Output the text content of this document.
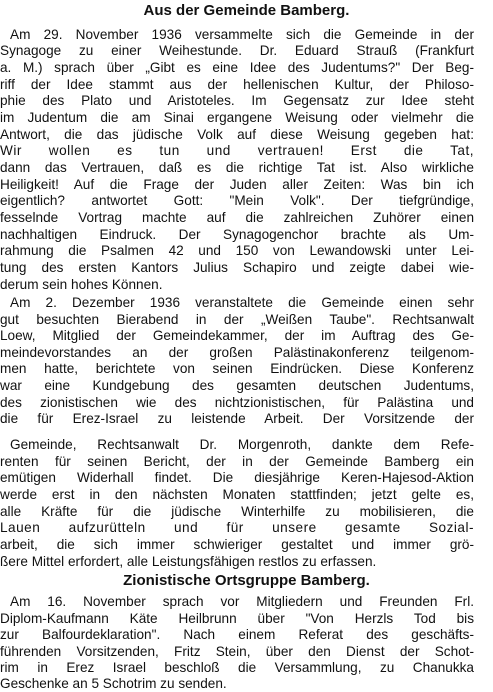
Aus der Gemeinde Bamberg.
Am 29. November 1936 versammelte sich die Gemeinde in der
Synagoge zu einer Weihestunde. Dr. Eduard Strauß (Frankfurt
a. M.) sprach über „Gibt es eine Idee des Judentums?" Der Beg-
riff der Idee stammt aus der hellenischen Kultur, der Philoso-
phie des Plato und Aristoteles. Im Gegensatz zur Idee steht
im Judentum die am Sinai ergangene Weisung oder vielmehr die
Antwort, die das jüdische Volk auf diese Weisung gegeben hat:
Wir wollen es tun und vertrauen! Erst die Tat,
dann das Vertrauen, daß es die richtige Tat ist. Also wirkliche
Heiligkeit! Auf die Frage der Juden aller Zeiten: Was bin ich
eigentlich? antwortet Gott: "Mein Volk". Der tiefgründige,
fesselnde Vortrag machte auf die zahlreichen Zuhörer einen
nachhaltigen Eindruck. Der Synagogenchor brachte als Um-
rahmung die Psalmen 42 und 150 von Lewandowski unter Lei-
tung des ersten Kantors Julius Schapiro und zeigte dabei wie-
derum sein hohes Können.
Am 2. Dezember 1936 veranstaltete die Gemeinde einen sehr
gut besuchten Bierabend in der „Weißen Taube". Rechtsanwalt
Loew, Mitglied der Gemeindekammer, der im Auftrag des Ge-
meindevorstandes an der großen Palästinakonferenz teilgenom-
men hatte, berichtete von seinen Eindrücken. Diese Konferenz
war eine Kundgebung des gesamten deutschen Judentums,
des zionistischen wie des nichtzionistischen, für Palästina und
die für Erez-Israel zu leistende Arbeit. Der Vorsitzende der
Gemeinde, Rechtsanwalt Dr. Morgenroth, dankte dem Refe-
renten für seinen Bericht, der in der Gemeinde Bamberg ein
emütigen Widerhall findet. Die diesjährige Keren-Hajesod-Aktion
werde erst in den nächsten Monaten stattfinden; jetzt gelte es,
alle Kräfte für die jüdische Winterhilfe zu mobilisieren, die
Lauen aufzurütteln und für unsere gesamte Sozial-
arbeit, die sich immer schwieriger gestaltet und immer grö-
ßere Mittel erfordert, alle Leistungsfähigen restlos zu erfassen.
Zionistische Ortsgruppe Bamberg.
Am 16. November sprach vor Mitgliedern und Freunden Frl.
Diplom-Kaufmann Käte Heilbrunn über "Von Herzls Tod bis
zur Balfourdeklaration". Nach einem Referat des geschäfts-
führenden Vorsitzenden, Fritz Stein, über den Dienst der Schot-
rim in Erez Israel beschloß die Versammlung, zu Chanukka
Geschenke an 5 Schotrim zu senden.
